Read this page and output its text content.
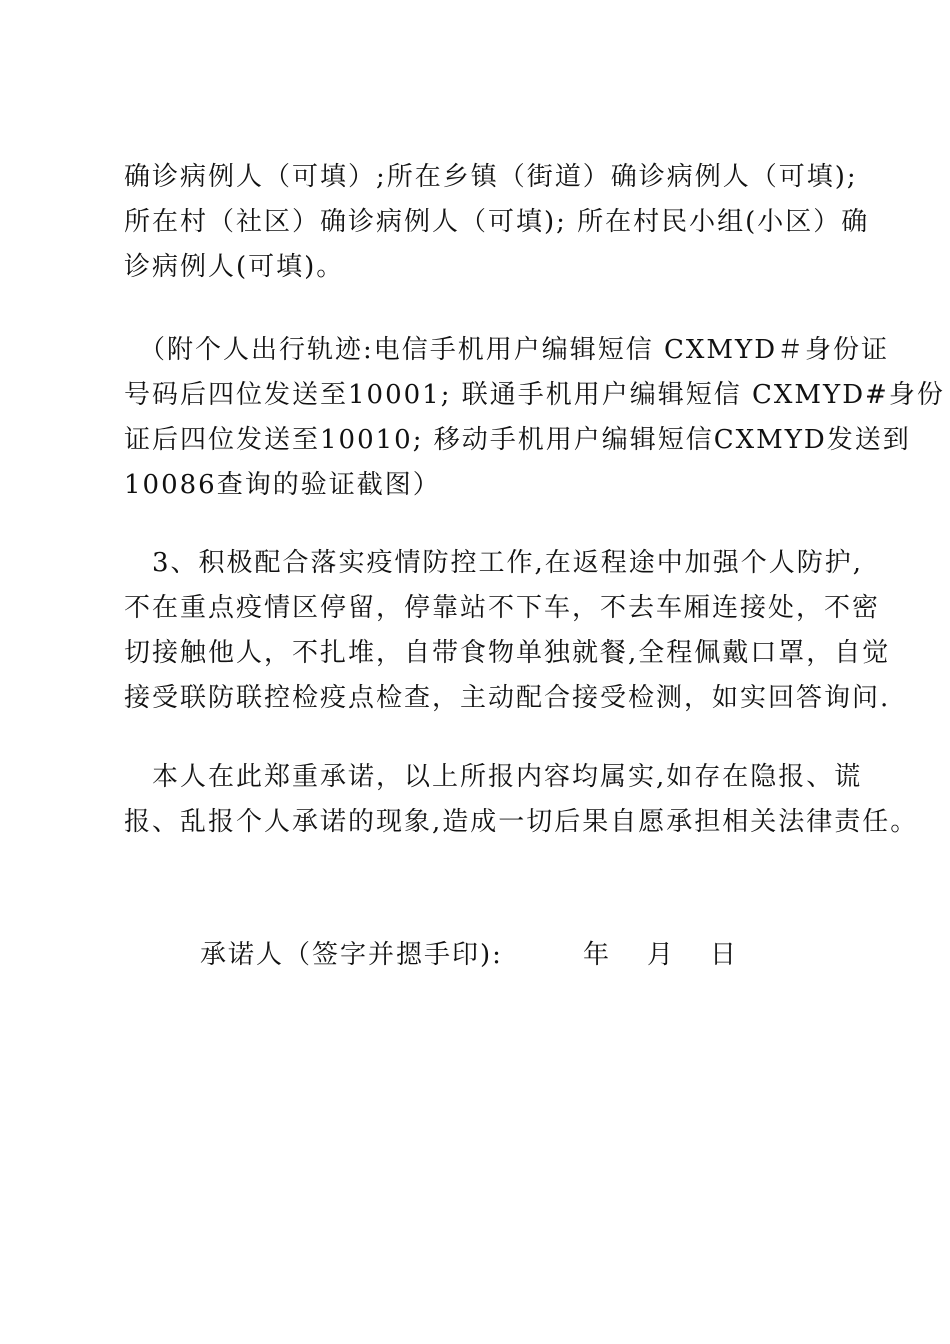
确诊病例人（可填）;所在乡镇（街道）确诊病例人（可填);
所在村（社区）确诊病例人（可填); 所在村民小组(小区）确
诊病例人(可填)。

　（附个人出行轨迹:电信手机用户编辑短信 CXMYD＃身份证
号码后四位发送至10001; 联通手机用户编辑短信 CXMYD#身份
证后四位发送至10010; 移动手机用户编辑短信CXMYD发送到
10086查询的验证截图）

　3、积极配合落实疫情防控工作,在返程途中加强个人防护,
不在重点疫情区停留，停靠站不下车，不去车厢连接处，不密
切接触他人，不扎堆，自带食物单独就餐,全程佩戴口罩，自觉
接受联防联控检疫点检查，主动配合接受检测，如实回答询问.

　本人在此郑重承诺，以上所报内容均属实,如存在隐报、谎
报、乱报个人承诺的现象,造成一切后果自愿承担相关法律责任。

承诺人（签字并摁手印):	年 月 日
